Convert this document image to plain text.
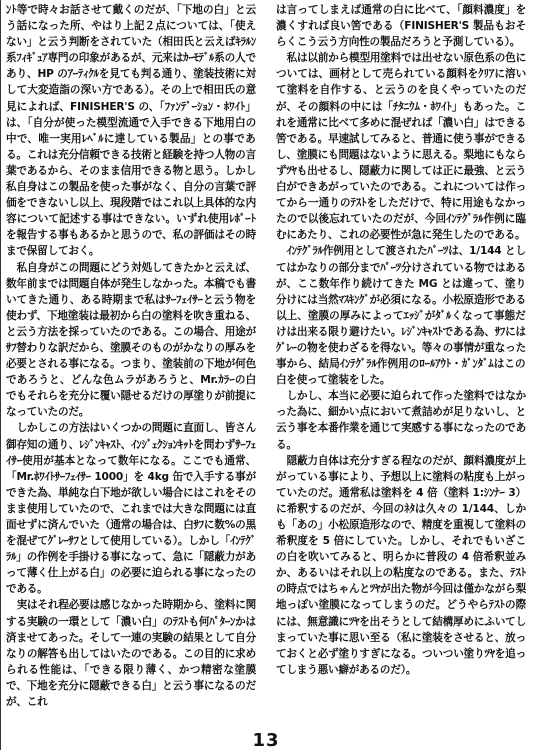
ﾝﾄ等で時々お話させて戴くのだが、「下地の白」と云う話になった所、やはり上記２点については、「使えない」と云う判断をされていた（相田氏と云えばｷﾗﾙﾝ系ﾌｨｷﾞｭｱ専門の印象があるが、元来はｶｰﾓﾃﾞﾙ系の人であり、HP のｱｰﾃｨｸﾙを見ても判る通り、塗装技術に対して大変造詣の深い方である）。その上で相田氏の意見によれば、FINISHER'S の、「ﾌｧﾝﾃﾞｰｼｮﾝ・ﾎﾜｲﾄ」は、「自分が使った模型流通で入手できる下地用白の中で、唯一実用ﾚﾍﾞﾙに達している製品」との事である。これは充分信頼できる技術と経験を持つ人物の言葉であるから、そのまま信用できる物と思う。しかし私自身はこの製品を使った事がなく、自分の言葉で評価をできないし以上、現段階ではこれ以上具体的な内容について記述する事はできない。いずれ使用ﾚﾎﾟｰﾄを報告する事もあるかと思うので、私の評価はその時まで保留しておく。

私自身がこの問題にどう対処してきたかと云えば、数年前までは問題自体が発生しなかった。本稿でも書いてきた通り、ある時期まで私はｻｰﾌｪｲｻｰと云う物を使わず、下地塗装は最初から白の塗料を吹き重ねる、と云う方法を採っていたのである。この場合、用途がｻﾌ替わりな訳だから、塗膜そのものがかなりの厚みを必要とされる事になる。つまり、塗装前の下地が何色であろうと、どんな色ムラがあろうと、Mr.ｶﾗｰの白でもそれらを充分に覆い隠せるだけの厚塗りが前提になっていたのだ。

しかしこの方法はいくつかの問題に直面し、皆さん御存知の通り、ﾚｼﾞﾝｷｬｽﾄ、ｲﾝｼﾞｪｸｼｮﾝｷｯﾄを問わずｻｰﾌｪｲｻｰ使用が基本となって数年になる。ここでも通常、「Mr.ﾎﾜｲﾄｻｰﾌｪｲｻｰ 1000」を 4kg 缶で入手する事ができた為、単純な白下地が欲しい場合にはこれをそのまま使用していたので、これまでは大きな問題には直面せずに済んでいた（通常の場合は、白ｻﾌに数%の黒を混ぜてｸﾞﾚｰｻﾌとして使用している）。しかし「ｲﾝﾃｸﾞﾗﾙ」の作例を手掛ける事になって、急に「隠蔽力があって薄く仕上がる白」の必要に迫られる事になったのである。

実はそれ程必要は感じなかった時期から、塗料に関する実験の一環として「濃い白」のﾃｽﾄも何ﾊﾟﾀｰﾝかは済ませてあった。そして一連の実験の結果として自分なりの解答も出してはいたのである。この目的に求められる性能は、「できる限り薄く、かつ精密な塗膜で、下地を充分に隠蔽できる白」と云う事になるのだが、これ

は言ってしまえば通常の白に比べて、「顔料濃度」を濃くすれば良い筈である（FINISHER'S 製品もおそらくこう云う方向性の製品だろうと予測している）。

私は以前から模型用塗料では出せない原色系の色については、画材として売られている顔料をｸﾘｱに溶いて塗料を自作する、と云うのを良くやっていたのだが、その顔料の中には「ﾁﾀﾆｳﾑ・ﾎﾜｲﾄ」もあった。これを通常に比べて多めに混ぜれば「濃い白」はできる筈である。早速試してみると、普通に使う事ができるし、塗膜にも問題はないように思える。梨地にもならずﾂﾔも出せるし、隠蔽力に関しては正に最強、と云う白ができあがっていたのである。これについては作ってから一通りのﾃｽﾄをしただけで、特に用途もなかったので以後忘れていたのだが、今回ｲﾝﾃｸﾞﾗﾙ作例に臨むにあたり、これの必要性が急に発生したのである。

ｲﾝﾃｸﾞﾗﾙ作例用として渡されたﾊﾟｰﾂは、1/144 としてはかなりの部分までﾊﾟｰﾂ分けされている物ではあるが、ここ数年作り続けてきた MG とは違って、塗り分けには当然ﾏｽｷﾝｸﾞが必須になる。小松原造形である以上、塗膜の厚みによってｴｯｼﾞがﾀﾞﾙくなって事態だけは出来る限り避けたい。ﾚｼﾞﾝｷｬｽﾄである為、ｻﾌにはｸﾞﾚｰの物を使わざるを得ない。等々の事情が重なった事から、結局ｲﾝﾃｸﾞﾗﾙ作例用のﾛｰﾙｱｳﾄ・ｶﾞﾝﾀﾞﾑはこの白を使って塗装をした。

しかし、本当に必要に迫られて作った塗料ではなかった為に、細かい点において煮詰めが足りないし、と云う事を本番作業を通じて実感する事になったのである。

隠蔽力自体は充分すぎる程なのだが、顔料濃度が上がっている事により、予想以上に塗料の粘度も上がっていたのだ。通常私は塗料を 4 倍（塗料 1:ｼﾝﾅｰ 3）に希釈するのだが、今回のﾈﾀは久々の 1/144、しかも「あの」小松原造形なので、精度を重視して塗料の希釈度を 5 倍にしていた。しかし、それでもいざこの白を吹いてみると、明らかに普段の 4 倍希釈並みか、あるいはそれ以上の粘度なのである。また、ﾃｽﾄの時点ではちゃんとﾂﾔが出た物が今回は僅かながら梨地っぽい塗膜になってしまうのだ。どうやらﾃｽﾄの際には、無意識にﾂﾔを出そうとして結構厚めにふいてしまっていた事に思い至る（私に塗装をさせると、放っておくと必ず塗りすぎになる。ついつい塗りﾂﾔを追ってしまう悪い癖があるのだ）。

13
